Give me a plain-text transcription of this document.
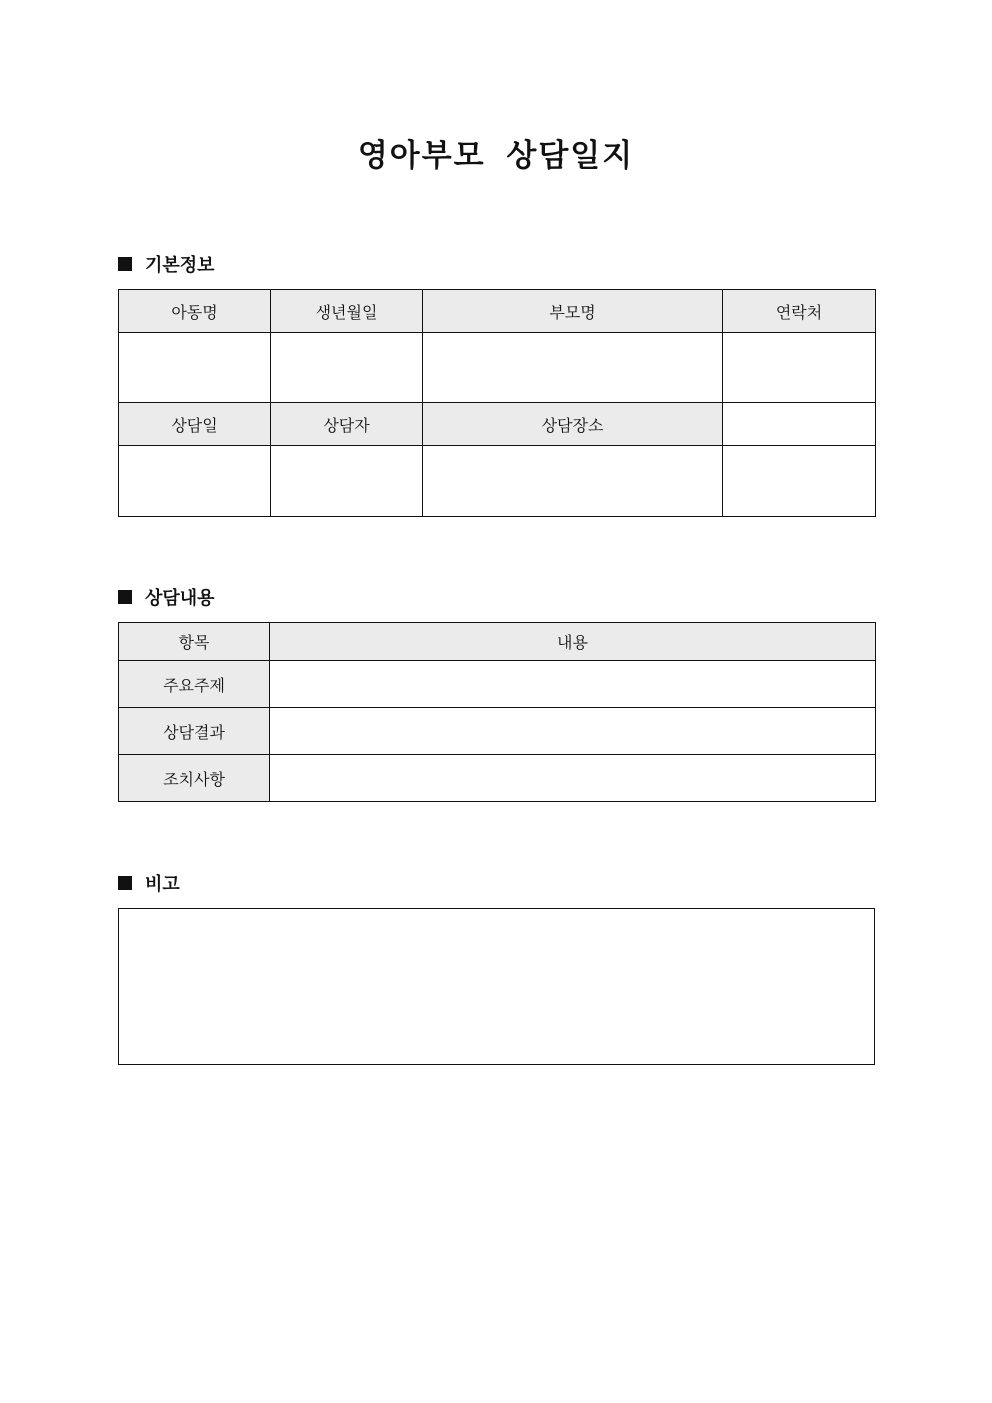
영아부모 상담일지
기본정보
아동명	생년월일	부모명	연락처

상담일	상담자	상담장소	

상담내용
항목	내용
주요주제	
상담결과	
조치사항	
비고
